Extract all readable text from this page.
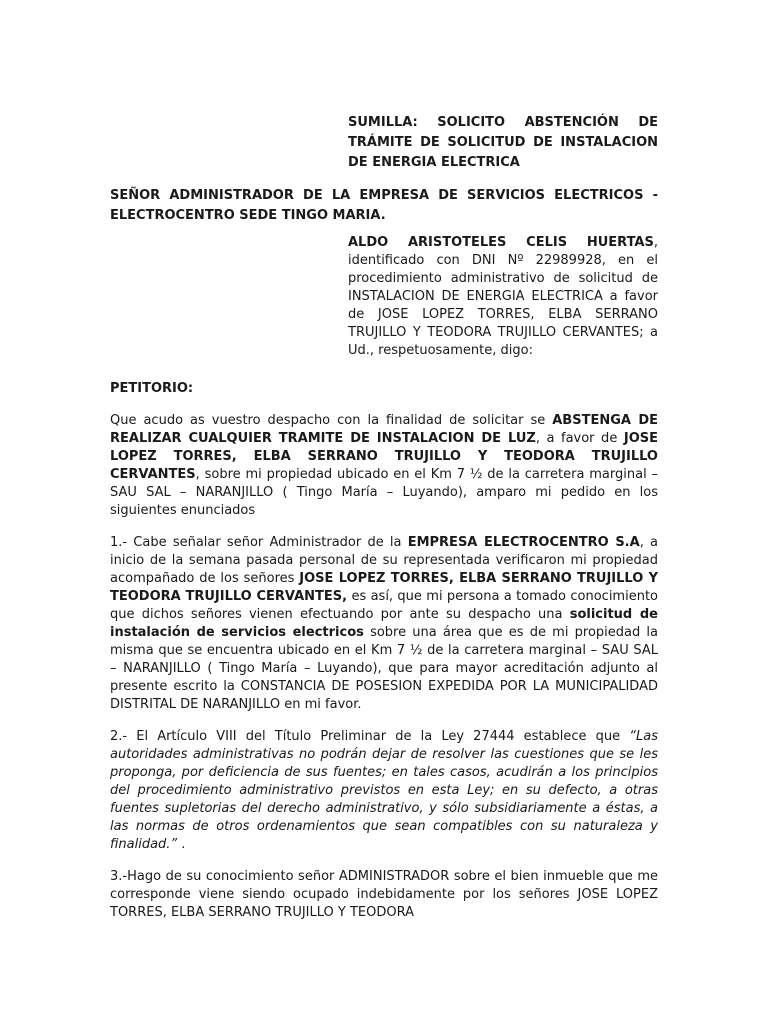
SUMILLA: SOLICITO ABSTENCIÓN DE TRÁMITE DE SOLICITUD DE INSTALACION DE ENERGIA ELECTRICA

SEÑOR ADMINISTRADOR DE LA EMPRESA DE SERVICIOS ELECTRICOS - ELECTROCENTRO SEDE TINGO MARIA.

ALDO ARISTOTELES CELIS HUERTAS, identificado con DNI Nº 22989928, en el procedimiento administrativo de solicitud de INSTALACION DE ENERGIA ELECTRICA a favor de JOSE LOPEZ TORRES, ELBA SERRANO TRUJILLO Y TEODORA TRUJILLO CERVANTES; a Ud., respetuosamente, digo:

PETITORIO:

Que acudo as vuestro despacho con la finalidad de solicitar se ABSTENGA DE REALIZAR CUALQUIER TRAMITE DE INSTALACION DE LUZ, a favor de JOSE LOPEZ TORRES, ELBA SERRANO TRUJILLO Y TEODORA TRUJILLO CERVANTES, sobre mi propiedad ubicado en el Km 7 ½ de la carretera marginal – SAU SAL – NARANJILLO ( Tingo María – Luyando), amparo mi pedido en los siguientes enunciados

1.- Cabe señalar señor Administrador de la EMPRESA ELECTROCENTRO S.A, a inicio de la semana pasada personal de su representada verificaron mi propiedad acompañado de los señores JOSE LOPEZ TORRES, ELBA SERRANO TRUJILLO Y TEODORA TRUJILLO CERVANTES, es así, que mi persona a tomado conocimiento que dichos señores vienen efectuando por ante su despacho una solicitud de instalación de servicios electricos sobre una área que es de mi propiedad la misma que se encuentra ubicado en el Km 7 ½ de la carretera marginal – SAU SAL – NARANJILLO ( Tingo María – Luyando), que para mayor acreditación adjunto al presente escrito la CONSTANCIA DE POSESION EXPEDIDA POR LA MUNICIPALIDAD DISTRITAL DE NARANJILLO en mi favor.

2.- El Artículo VIII del Título Preliminar de la Ley 27444 establece que “Las autoridades administrativas no podrán dejar de resolver las cuestiones que se les proponga, por deficiencia de sus fuentes; en tales casos, acudirán a los principios del procedimiento administrativo previstos en esta Ley; en su defecto, a otras fuentes supletorias del derecho administrativo, y sólo subsidiariamente a éstas, a las normas de otros ordenamientos que sean compatibles con su naturaleza y finalidad.” .

3.-Hago de su conocimiento señor ADMINISTRADOR sobre el bien inmueble que me corresponde viene siendo ocupado indebidamente por los señores JOSE LOPEZ TORRES, ELBA SERRANO TRUJILLO Y TEODORA
